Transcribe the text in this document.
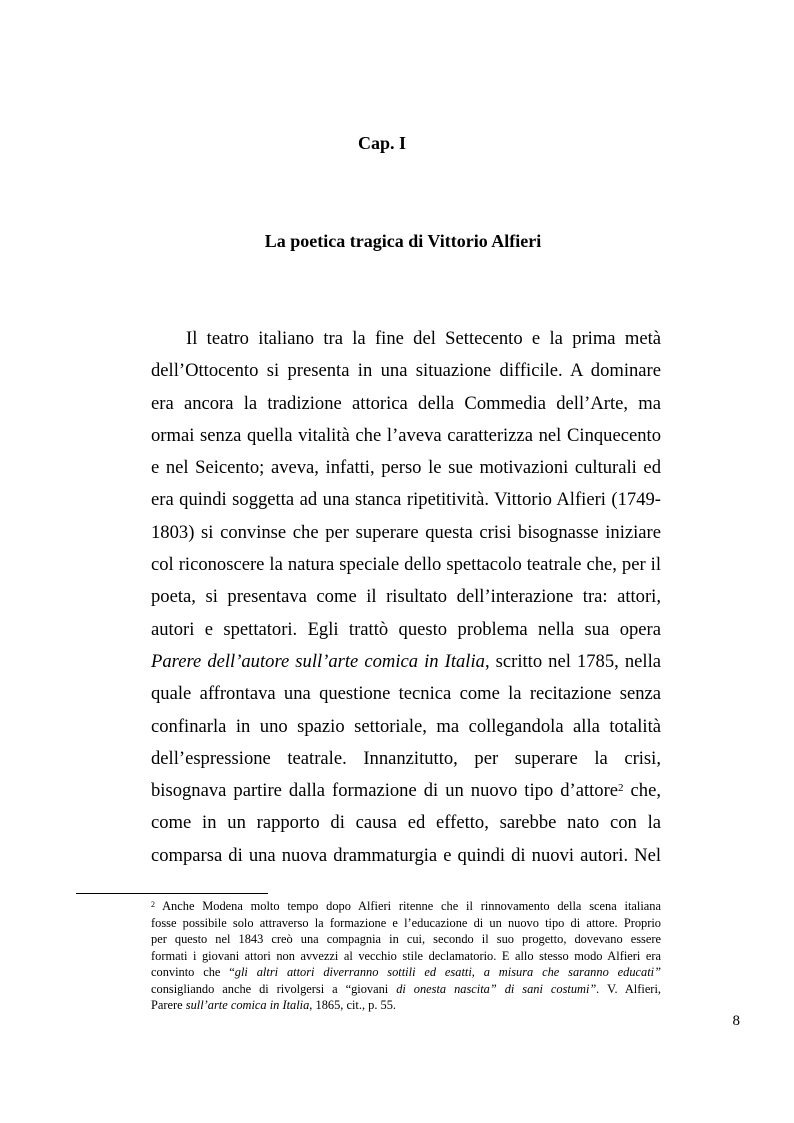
Cap. I
La poetica tragica di Vittorio Alfieri
Il teatro italiano tra la fine del Settecento e la prima metà
dell’Ottocento si presenta in una situazione difficile. A dominare
era ancora la tradizione attorica della Commedia dell’Arte, ma
ormai senza quella vitalità che l’aveva caratterizza nel Cinquecento
e nel Seicento; aveva, infatti, perso le sue motivazioni culturali ed
era quindi soggetta ad una stanca ripetitività. Vittorio Alfieri (1749-
1803) si convinse che per superare questa crisi bisognasse iniziare
col riconoscere la natura speciale dello spettacolo teatrale che, per il
poeta, si presentava come il risultato dell’interazione tra: attori,
autori e spettatori. Egli trattò questo problema nella sua opera
Parere dell’autore sull’arte comica in Italia, scritto nel 1785, nella
quale affrontava una questione tecnica come la recitazione senza
confinarla in uno spazio settoriale, ma collegandola alla totalità
dell’espressione teatrale. Innanzitutto, per superare la crisi,
bisognava partire dalla formazione di un nuovo tipo d’attore$^2$ che,
come in un rapporto di causa ed effetto, sarebbe nato con la
comparsa di una nuova drammaturgia e quindi di nuovi autori. Nel
$^2$ Anche Modena molto tempo dopo Alfieri ritenne che il rinnovamento della scena italiana
fosse possibile solo attraverso la formazione e l’educazione di un nuovo tipo di attore. Proprio
per questo nel 1843 creò una compagnia in cui, secondo il suo progetto, dovevano essere
formati i giovani attori non avvezzi al vecchio stile declamatorio. E allo stesso modo Alfieri era
convinto che “gli altri attori diverranno sottili ed esatti, a misura che saranno educati”
consigliando anche di rivolgersi a “giovani di onesta nascita” di sani costumi”. V. Alfieri,
Parere sull’arte comica in Italia, 1865, cit., p. 55.
8
